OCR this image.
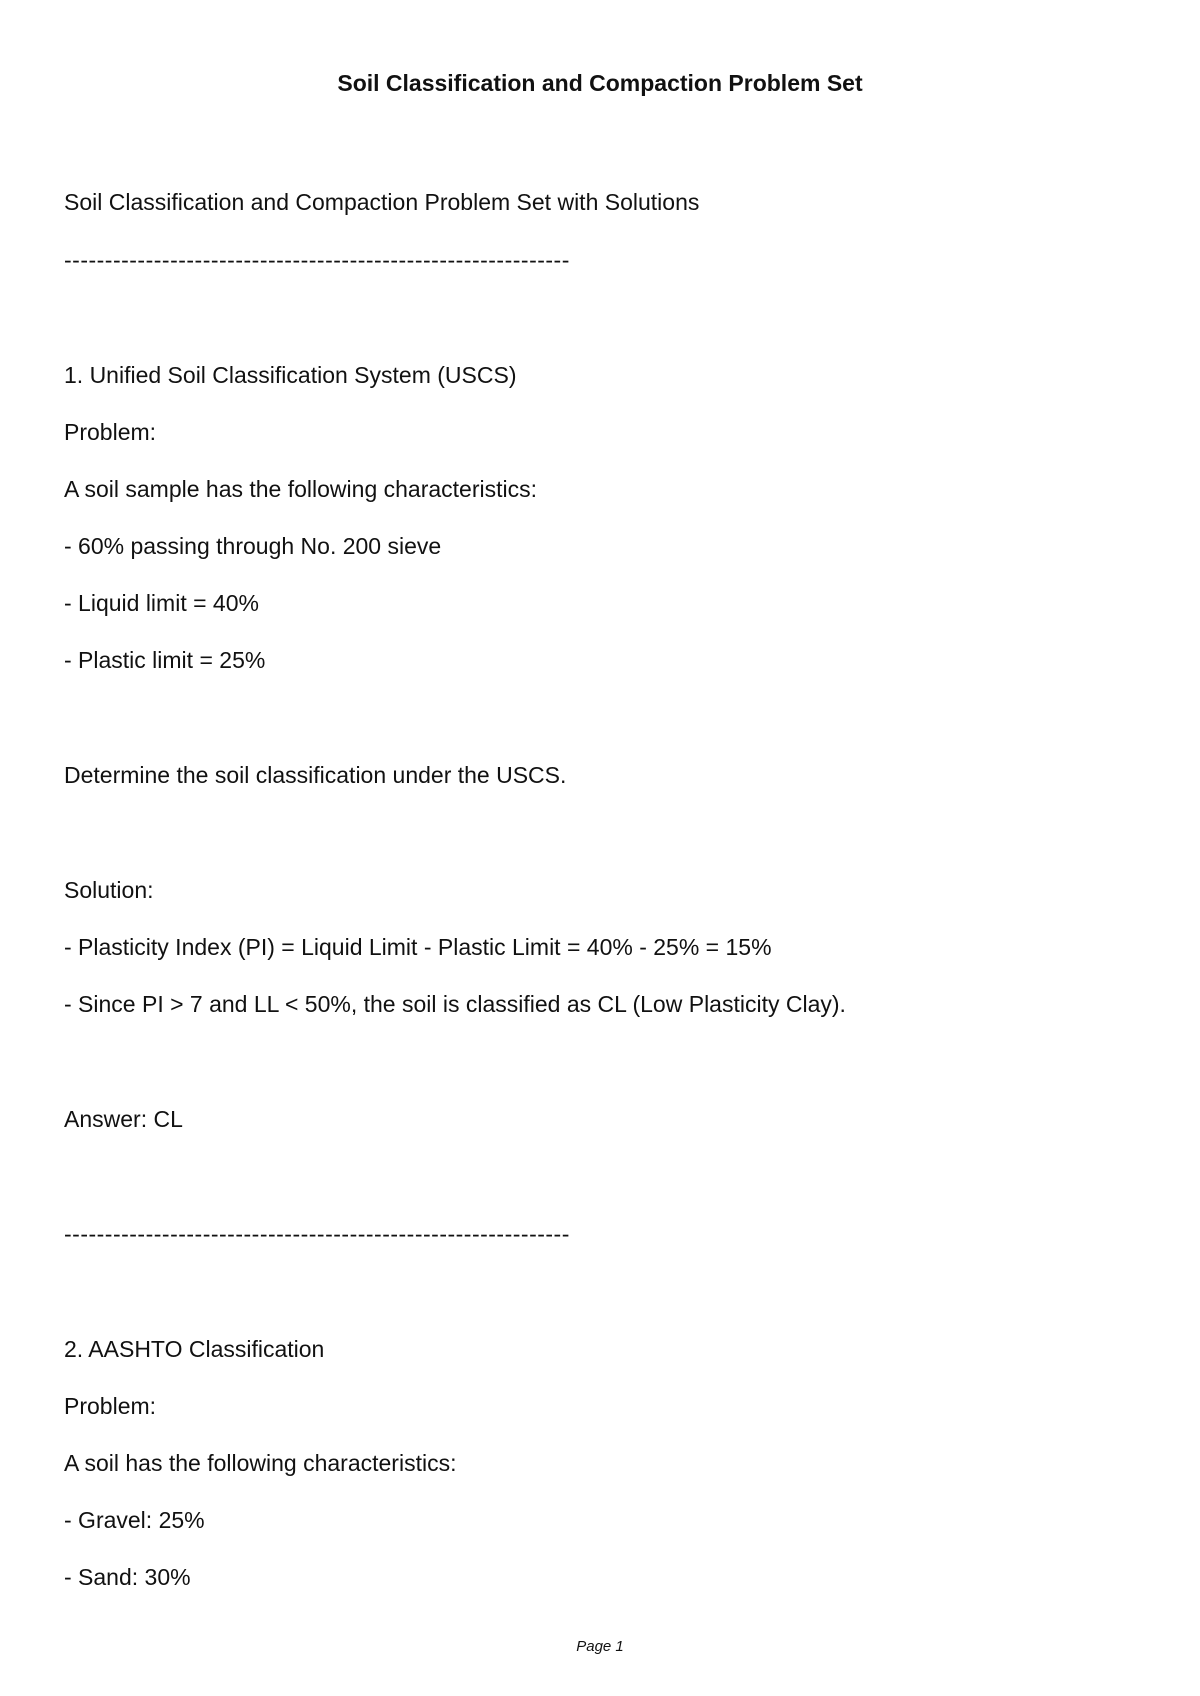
Soil Classification and Compaction Problem Set
Soil Classification and Compaction Problem Set with Solutions
--------------------------------------------------------------
1. Unified Soil Classification System (USCS)
Problem:
A soil sample has the following characteristics:
- 60% passing through No. 200 sieve
- Liquid limit = 40%
- Plastic limit = 25%
Determine the soil classification under the USCS.
Solution:
- Plasticity Index (PI) = Liquid Limit - Plastic Limit = 40% - 25% = 15%
- Since PI > 7 and LL < 50%, the soil is classified as CL (Low Plasticity Clay).
Answer: CL
--------------------------------------------------------------
2. AASHTO Classification
Problem:
A soil has the following characteristics:
- Gravel: 25%
- Sand: 30%
Page 1
